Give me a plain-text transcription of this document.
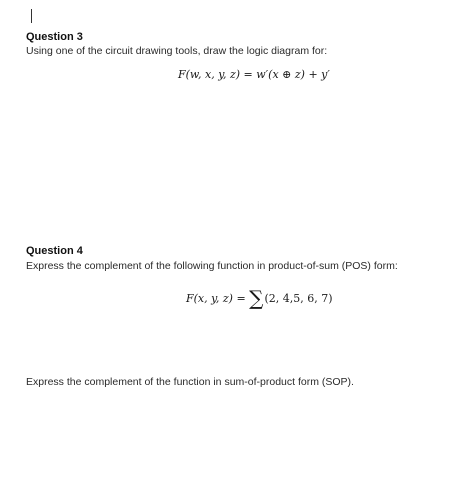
Question 3
Using one of the circuit drawing tools, draw the logic diagram for:
F(w, x, y, z) = w′(x ⊕ z) + y′
Question 4
Express the complement of the following function in product-of-sum (POS) form:
F(x, y, z) = ∑(2, 4,5, 6, 7)
Express the complement of the function in sum-of-product form (SOP).
